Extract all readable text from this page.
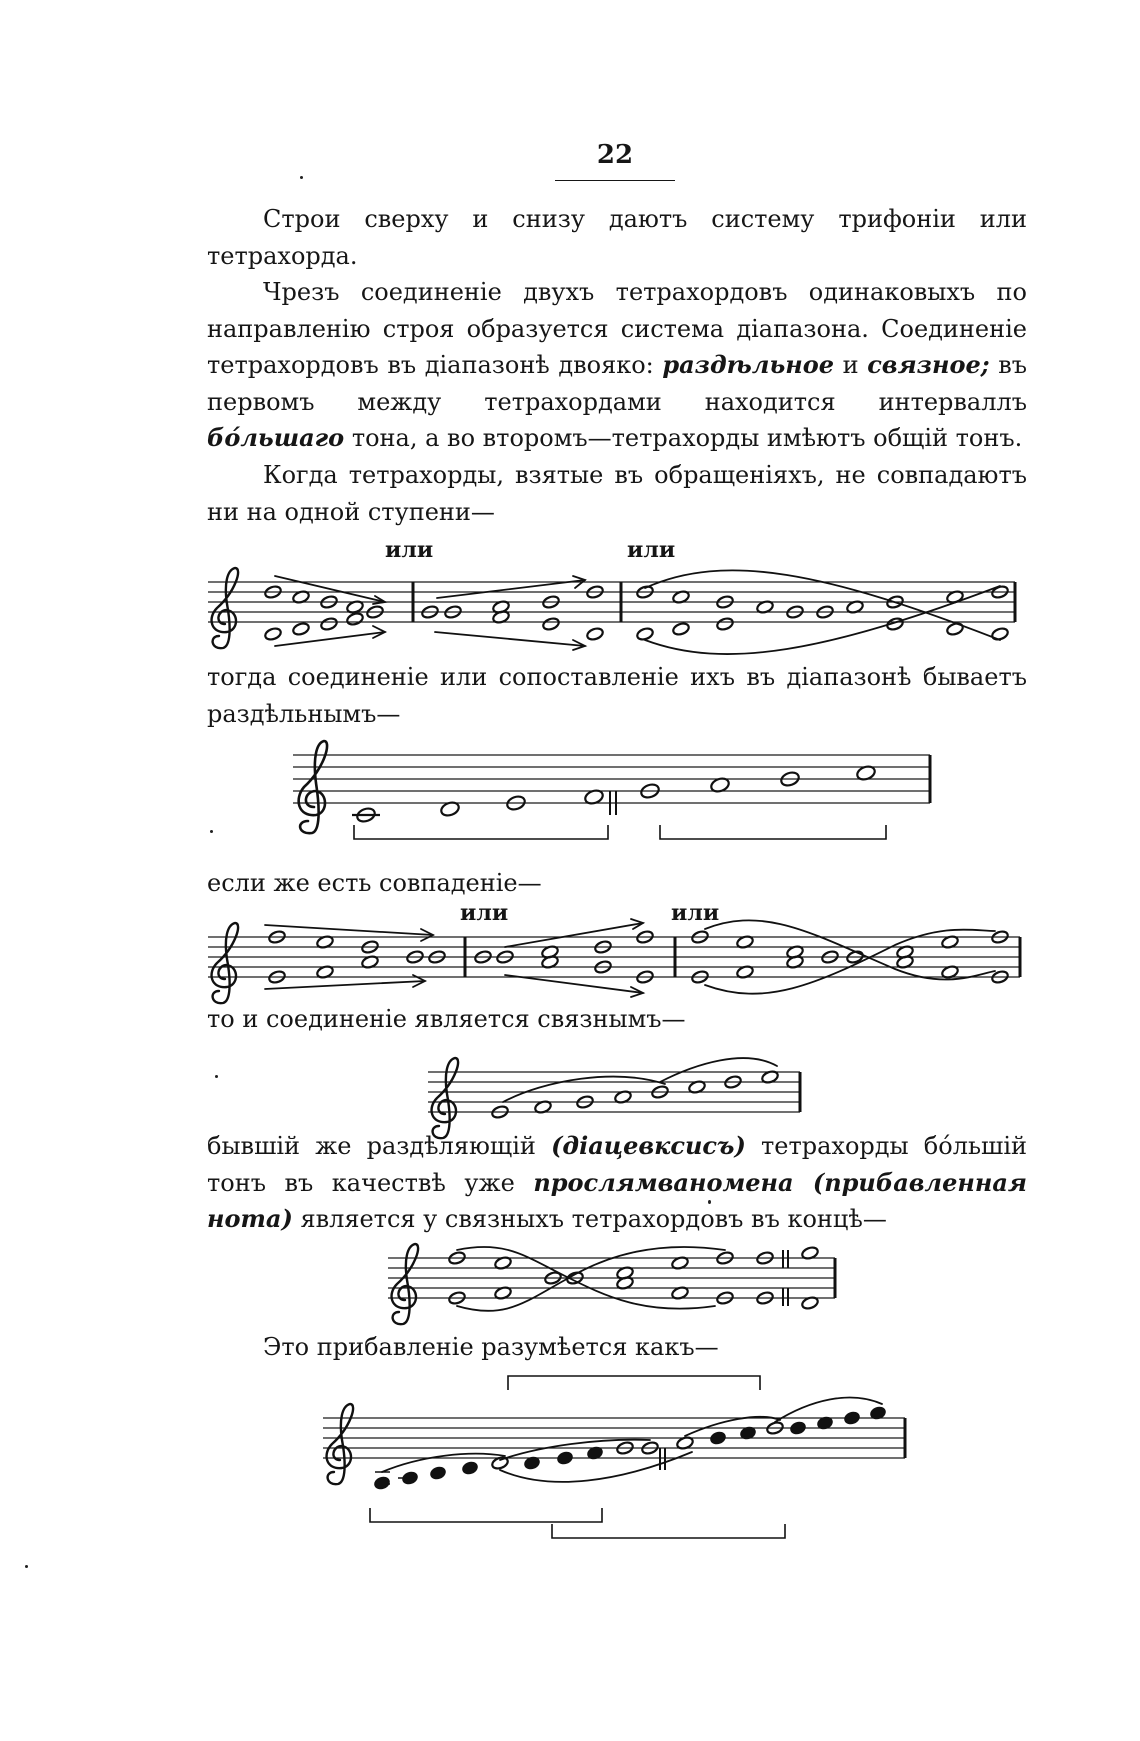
22

Строи сверху и снизу даютъ систему трифоніи или тетрахорда.

Чрезъ соединеніе двухъ тетрахордовъ одинаковыхъ по направленію строя образуется система діапазона. Соединеніе тетрахордовъ въ діапазонѣ двояко: раздѣльное и связное; въ первомъ между тетрахордами находится интерваллъ бо́льшаго тона, а во второмъ—тетрахорды имѣютъ общій тонъ.

Когда тетрахорды, взятые въ обращеніяхъ, не совпадаютъ ни на одной ступени—

или	или

тогда соединеніе или сопоставленіе ихъ въ діапазонѣ бываетъ раздѣльнымъ—

если же есть совпаденіе—
или	или
то и соединеніе является связнымъ—

бывшій же раздѣляющій (діацевксисъ) тетрахорды бо́льшій тонъ въ качествѣ уже прослямваномена (прибавленная нота) является у связныхъ тетрахордовъ въ концѣ—

Это прибавленіе разумѣется какъ—
